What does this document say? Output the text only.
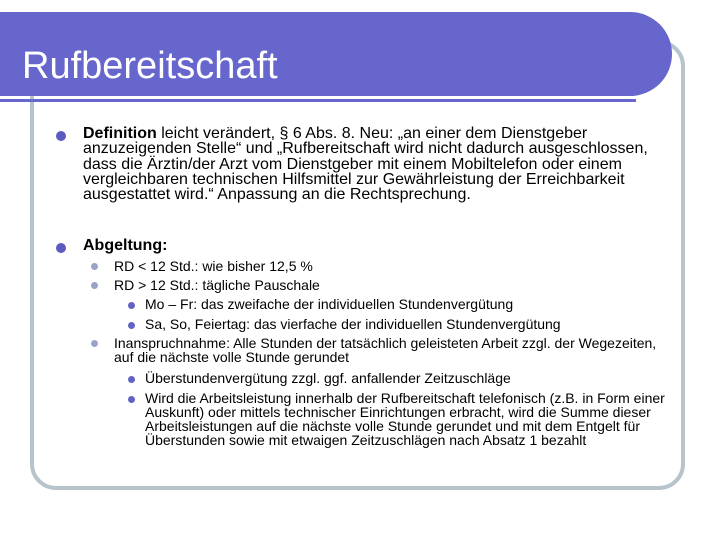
Rufbereitschaft
Definition leicht verändert, § 6 Abs. 8. Neu: „an einer dem Dienstgeber anzuzeigenden Stelle“ und „Rufbereitschaft wird nicht dadurch ausgeschlossen, dass die Ärztin/der Arzt vom Dienstgeber mit einem Mobiltelefon oder einem vergleichbaren technischen Hilfsmittel zur Gewährleistung der Erreichbarkeit ausgestattet wird.“ Anpassung an die Rechtsprechung.
Abgeltung:
RD < 12 Std.: wie bisher 12,5 %
RD > 12 Std.: tägliche Pauschale
Mo – Fr: das zweifache der individuellen Stundenvergütung
Sa, So, Feiertag: das vierfache der individuellen Stundenvergütung
Inanspruchnahme: Alle Stunden der tatsächlich geleisteten Arbeit zzgl. der Wegezeiten, auf die nächste volle Stunde gerundet
Überstundenvergütung zzgl. ggf. anfallender Zeitzuschläge
Wird die Arbeitsleistung innerhalb der Rufbereitschaft telefonisch (z.B. in Form einer Auskunft) oder mittels technischer Einrichtungen erbracht, wird die Summe dieser Arbeitsleistungen auf die nächste volle Stunde gerundet und mit dem Entgelt für Überstunden sowie mit etwaigen Zeitzuschlägen nach Absatz 1 bezahlt
